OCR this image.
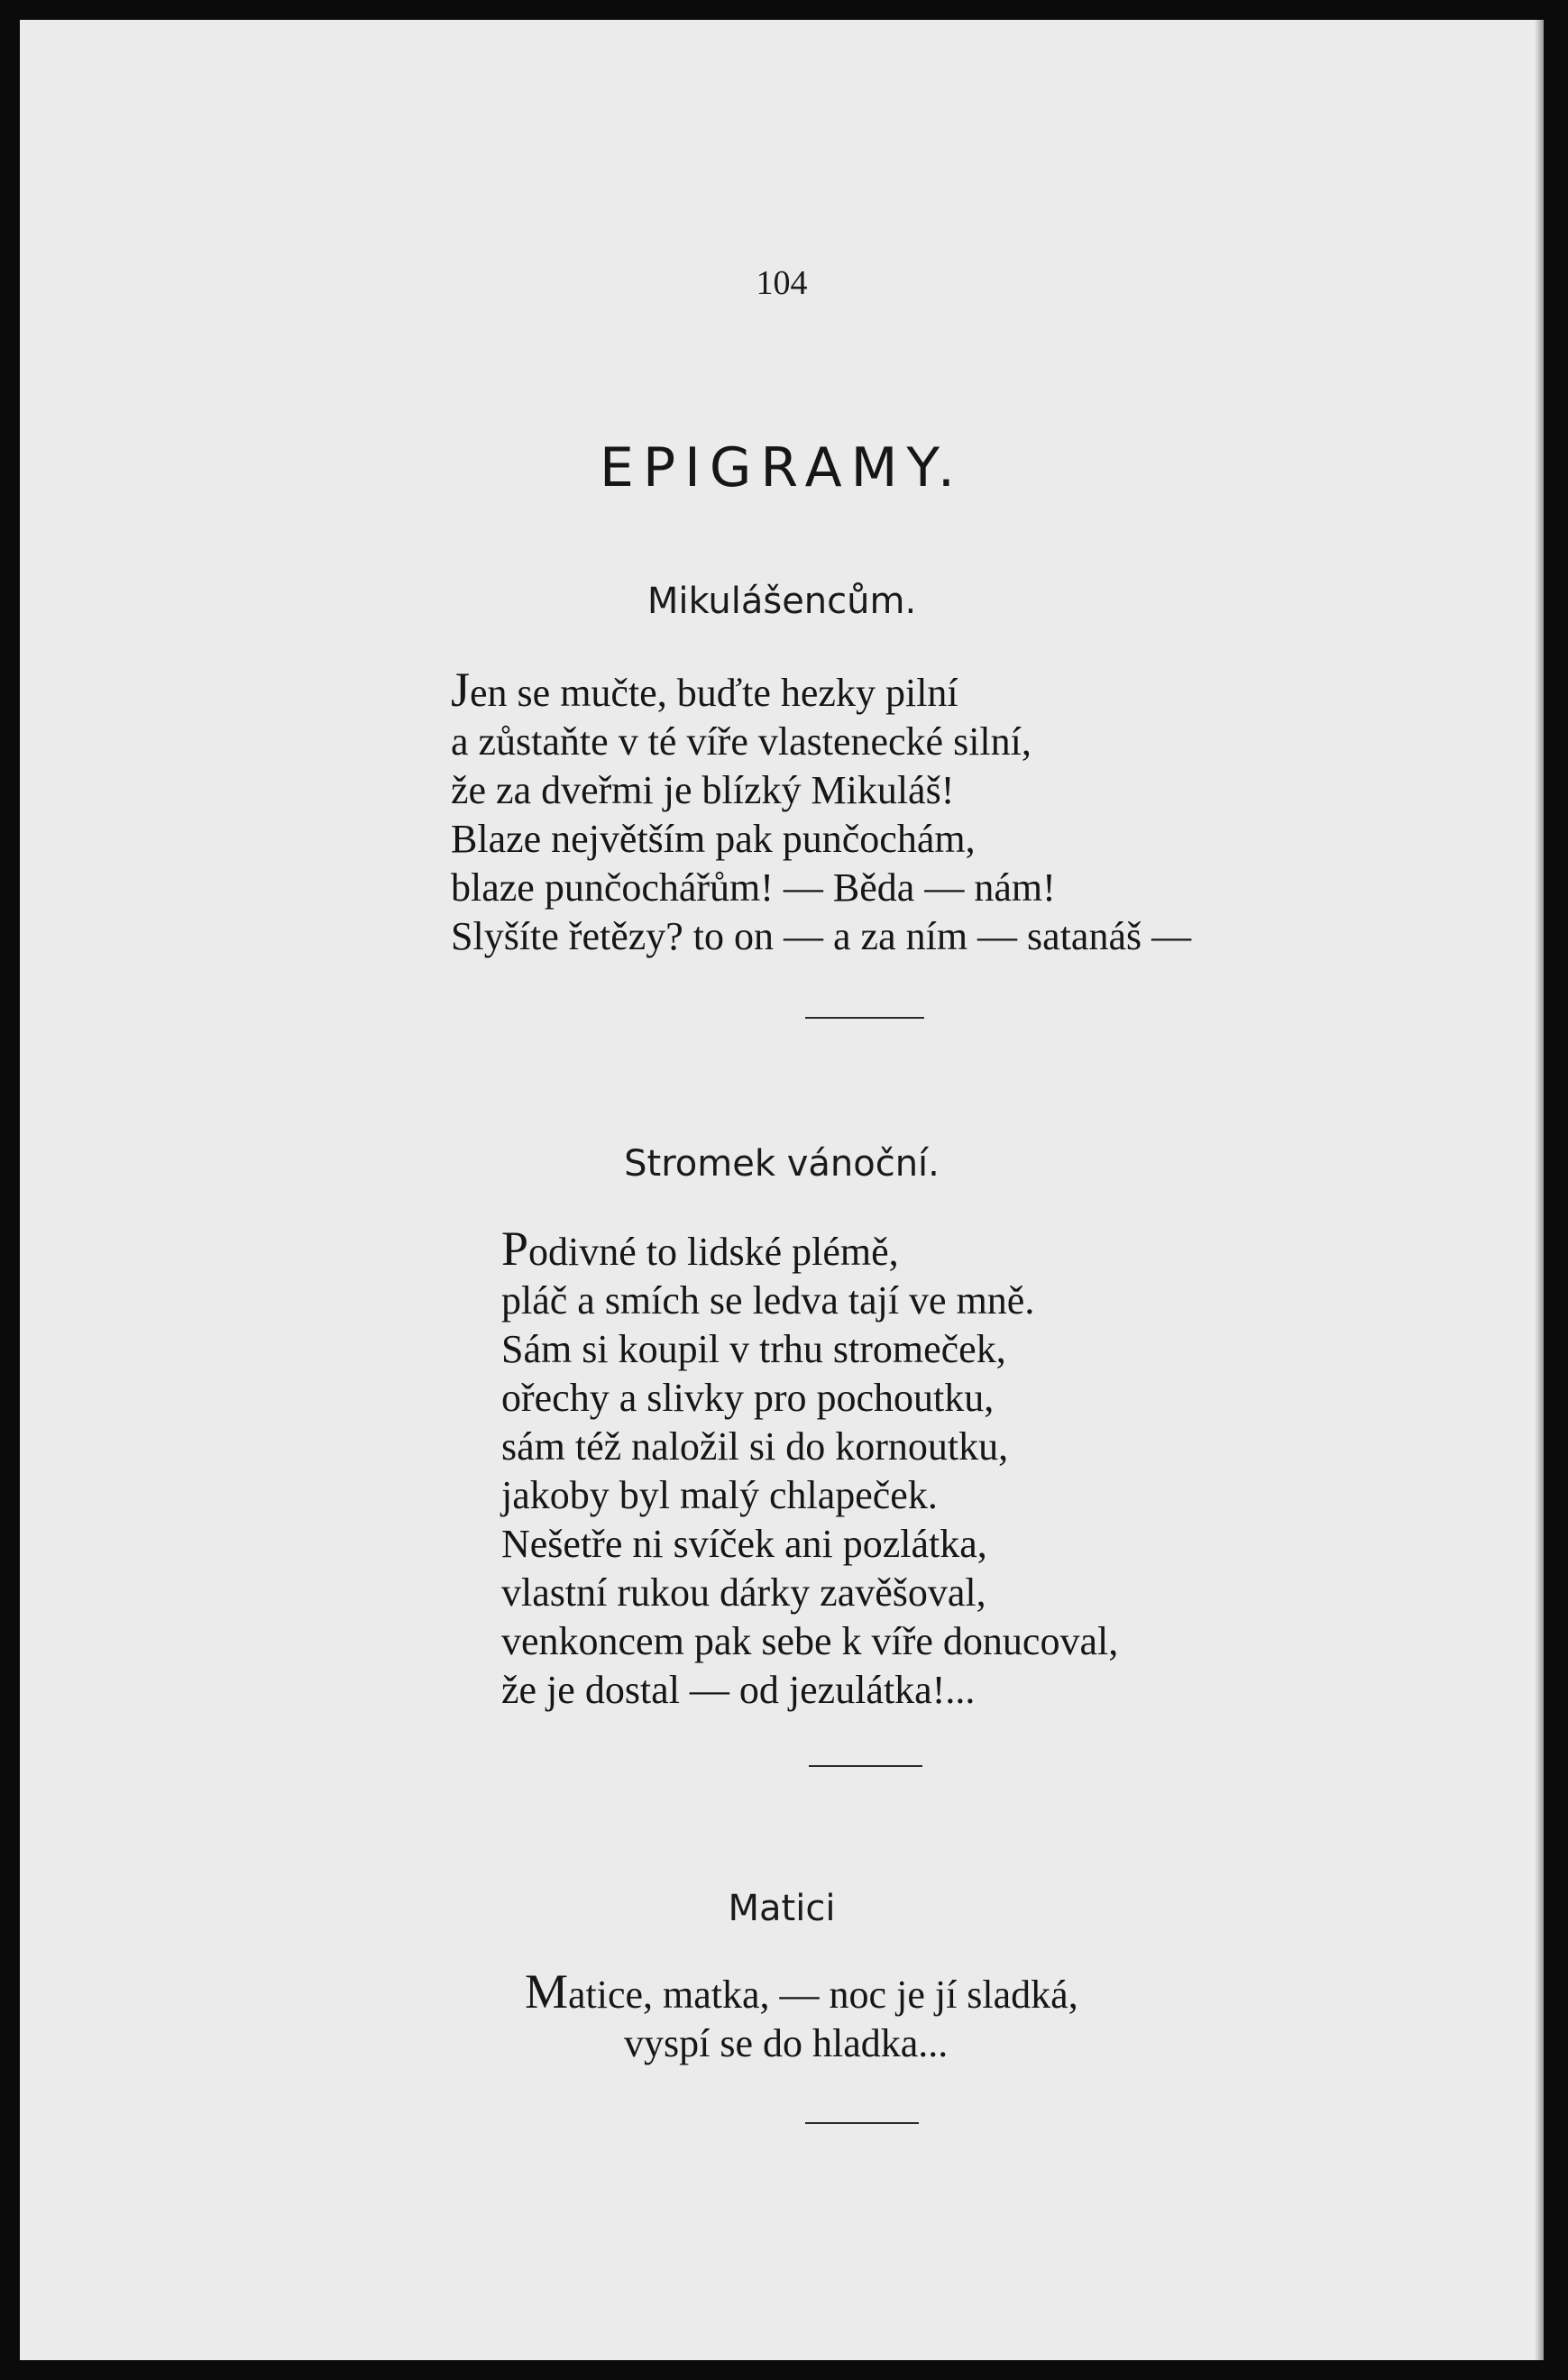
104
EPIGRAMY.
Mikulášencům.
Jen se mučte, buďte hezky pilní
a zůstaňte v té víře vlastenecké silní,
že za dveřmi je blízký Mikuláš!
Blaze největším pak punčochám,
blaze punčochářům! — Běda — nám!
Slyšíte řetězy? to on — a za ním — satanáš —
Stromek vánoční.
Podivné to lidské plémě,
pláč a smích se ledva tají ve mně.
Sám si koupil v trhu stromeček,
ořechy a slivky pro pochoutku,
sám též naložil si do kornoutku,
jakoby byl malý chlapeček.
Nešetře ni svíček ani pozlátka,
vlastní rukou dárky zavěšoval,
venkoncem pak sebe k víře donucoval,
že je dostal — od jezulátka!...
Matici
Matice, matka, — noc je jí sladká,
vyspí se do hladka...
